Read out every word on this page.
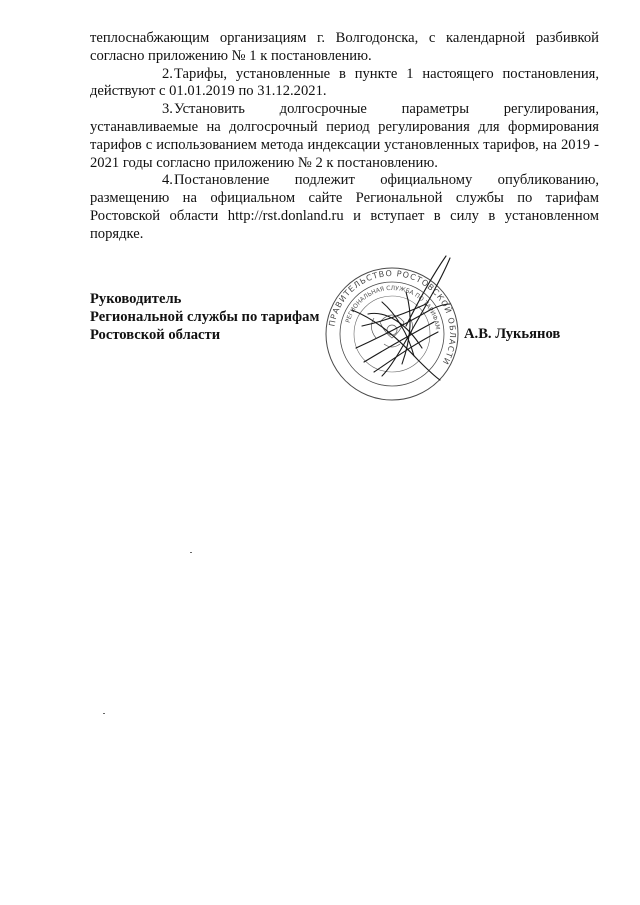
теплоснабжающим организациям г. Волгодонска, с календарной разбивкой согласно приложению № 1 к постановлению.

2.Тарифы, установленные в пункте 1 настоящего постановления, действуют с 01.01.2019 по 31.12.2021.

3.Установить долгосрочные параметры регулирования, устанавливаемые на долгосрочный период регулирования для формирования тарифов с использованием метода индексации установленных тарифов, на 2019 - 2021 годы согласно приложению № 2 к постановлению.

4.Постановление подлежит официальному опубликованию, размещению на официальном сайте Региональной службы по тарифам Ростовской области http://rst.donland.ru и вступает в силу в установленном порядке.

Руководитель
Региональной службы по тарифам
Ростовской области
ПРАВИТЕЛЬСТВО РОСТОВСКОЙ ОБЛАСТИ
РЕГИОНАЛЬНАЯ СЛУЖБА ПО ТАРИФАМ А.В. Лукьянов
